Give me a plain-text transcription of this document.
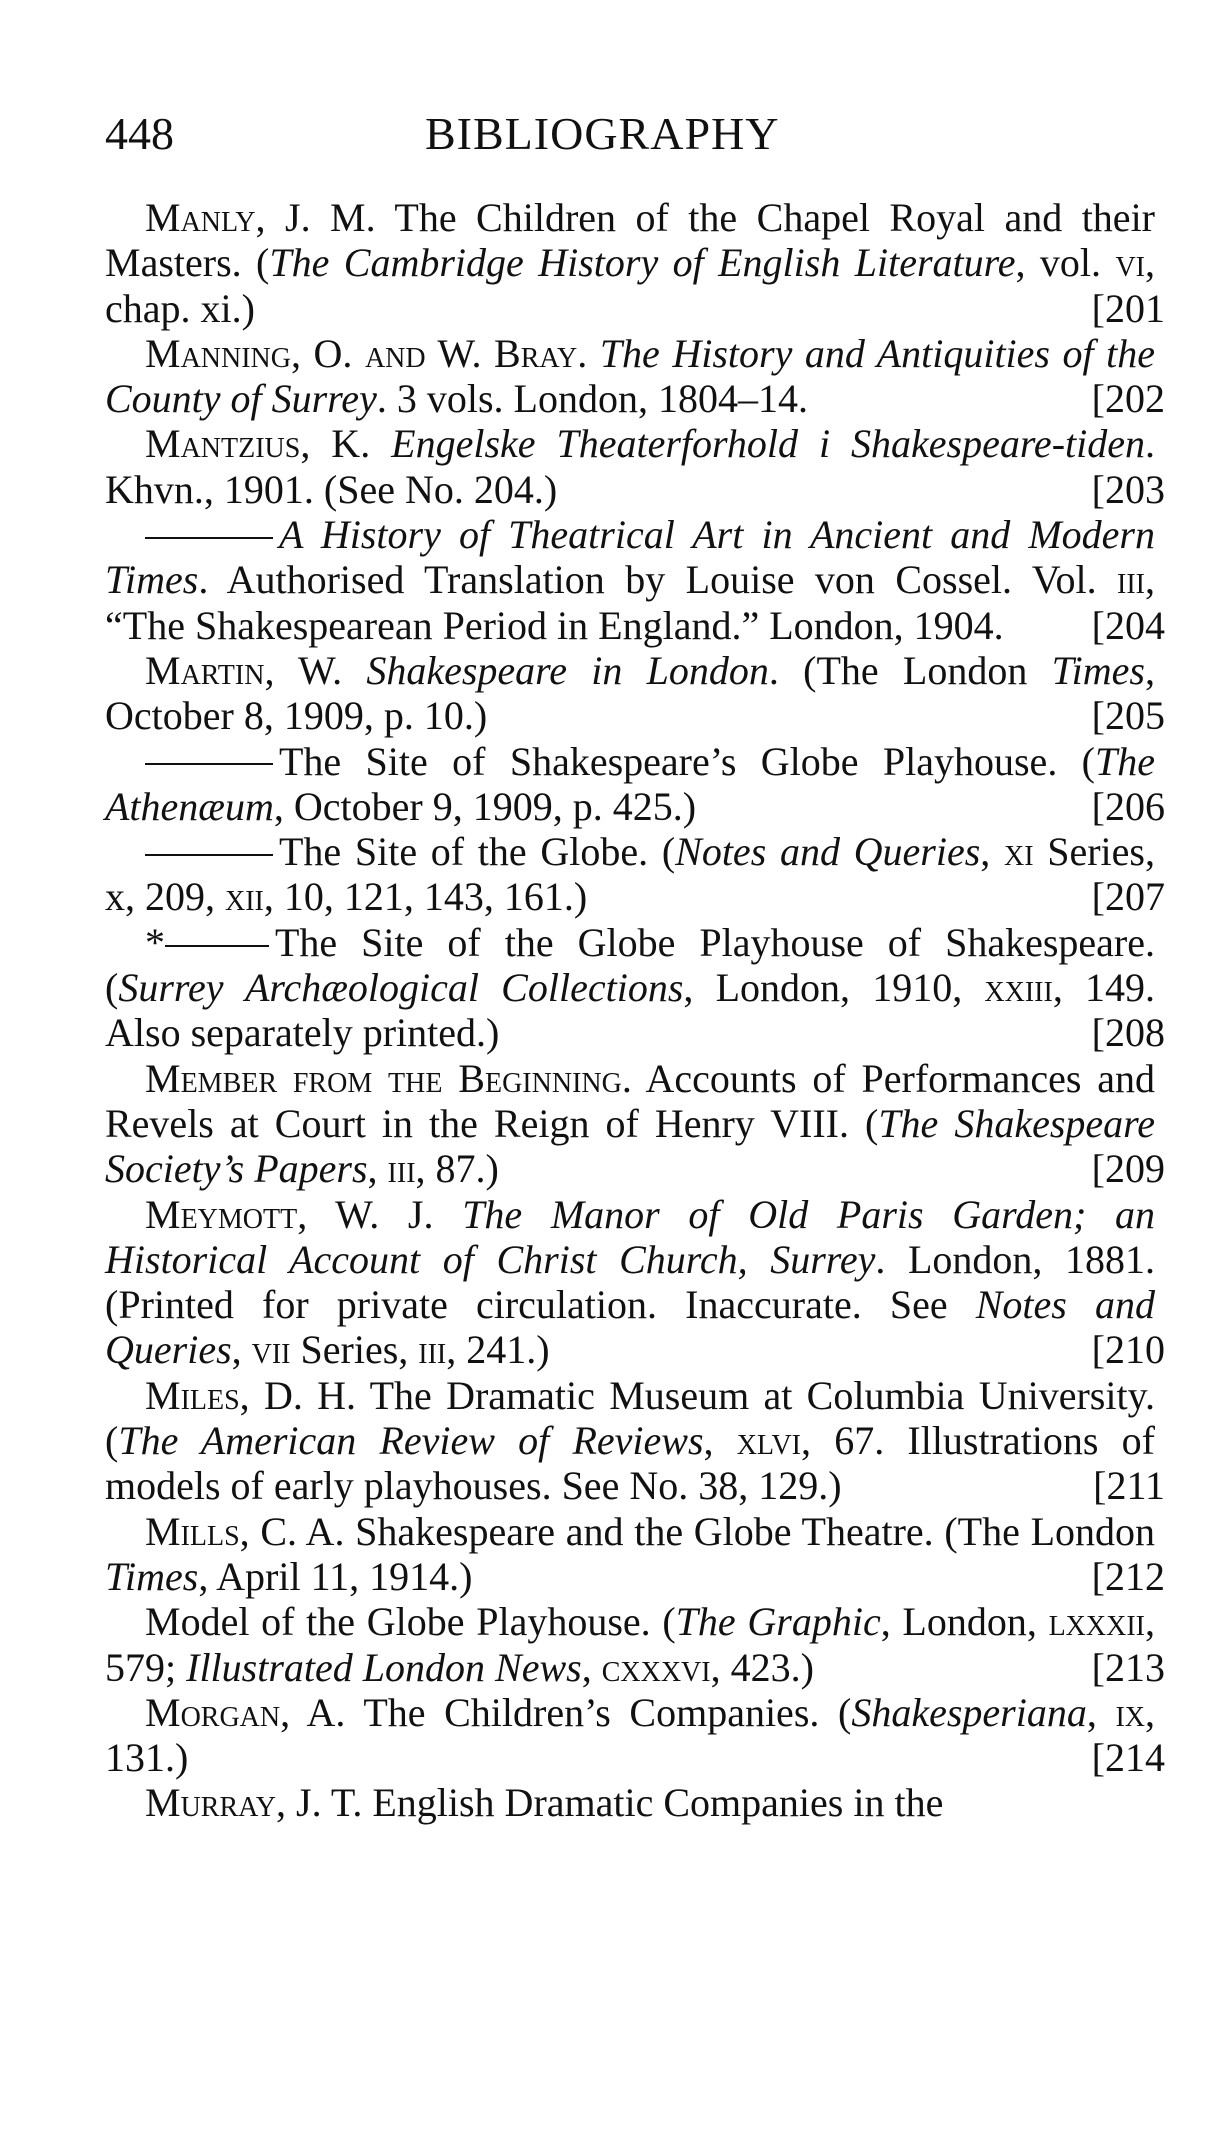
448	BIBLIOGRAPHY
Manly, J. M. The Children of the Chapel Royal and their Masters. (The Cambridge History of English Literature, vol. vi, chap. xi.)	[201
Manning, O. and W. Bray. The History and Antiquities of the County of Surrey. 3 vols. London, 1804–14.	[202
Mantzius, K. Engelske Theaterforhold i Shakespeare-tiden. Khvn., 1901. (See No. 204.)	[203
A History of Theatrical Art in Ancient and Modern Times. Authorised Translation by Louise von Cossel. Vol. iii, “The Shakespearean Period in England.” London, 1904.	[204
Martin, W. Shakespeare in London. (The London Times, October 8, 1909, p. 10.)	[205
The Site of Shakespeare’s Globe Playhouse. (The Athenæum, October 9, 1909, p. 425.)	[206
The Site of the Globe. (Notes and Queries, xi Series, x, 209, xii, 10, 121, 143, 161.)	[207
*	The Site of the Globe Playhouse of Shakespeare. (Surrey Archæological Collections, London, 1910, xxiii, 149. Also separately printed.)	[208
Member from the Beginning. Accounts of Performances and Revels at Court in the Reign of Henry VIII. (The Shakespeare Society’s Papers, iii, 87.)	[209
Meymott, W. J. The Manor of Old Paris Garden; an Historical Account of Christ Church, Surrey. London, 1881. (Printed for private circulation. Inaccurate. See Notes and Queries, vii Series, iii, 241.)	[210
Miles, D. H. The Dramatic Museum at Columbia University. (The American Review of Reviews, xlvi, 67. Illustrations of models of early playhouses. See No. 38, 129.)	[211
Mills, C. A. Shakespeare and the Globe Theatre. (The London Times, April 11, 1914.)	[212
Model of the Globe Playhouse. (The Graphic, London, lxxxii, 579; Illustrated London News, cxxxvi, 423.)	[213
Morgan, A. The Children’s Companies. (Shakesperiana, ix, 131.)	[214
Murray, J. T. English Dramatic Companies in the
